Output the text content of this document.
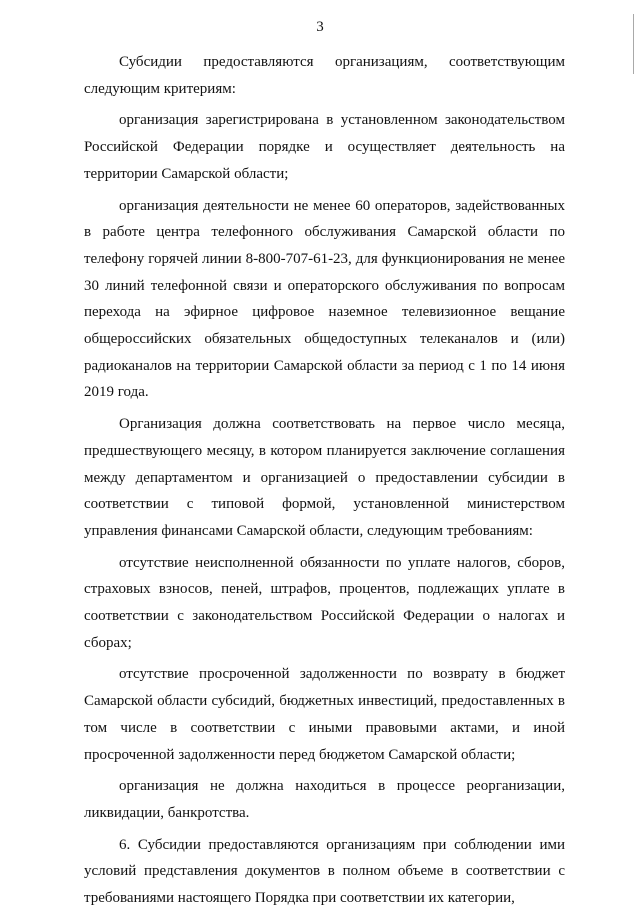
3

Субсидии предоставляются организациям, соответствующим следующим критериям:

организация зарегистрирована в установленном законодательством Российской Федерации порядке и осуществляет деятельность на территории Самарской области;

организация деятельности не менее 60 операторов, задействованных в работе центра телефонного обслуживания Самарской области по телефону горячей линии 8-800-707-61-23, для функционирования не менее 30 линий телефонной связи и операторского обслуживания по вопросам перехода на эфирное цифровое наземное телевизионное вещание общероссийских обязательных общедоступных телеканалов и (или) радиоканалов на территории Самарской области за период с 1 по 14 июня 2019 года.

Организация должна соответствовать на первое число месяца, предшествующего месяцу, в котором планируется заключение соглашения между департаментом и организацией о предоставлении субсидии в соответствии с типовой формой, установленной министерством управления финансами Самарской области, следующим требованиям:

отсутствие неисполненной обязанности по уплате налогов, сборов, страховых взносов, пеней, штрафов, процентов, подлежащих уплате в соответствии с законодательством Российской Федерации о налогах и сборах;

отсутствие просроченной задолженности по возврату в бюджет Самарской области субсидий, бюджетных инвестиций, предоставленных в том числе в соответствии с иными правовыми актами, и иной просроченной задолженности перед бюджетом Самарской области;

организация не должна находиться в процессе реорганизации, ликвидации, банкротства.

6. Субсидии предоставляются организациям при соблюдении ими условий представления документов в полном объеме в соответствии с требованиями настоящего Порядка при соответствии их категории,
